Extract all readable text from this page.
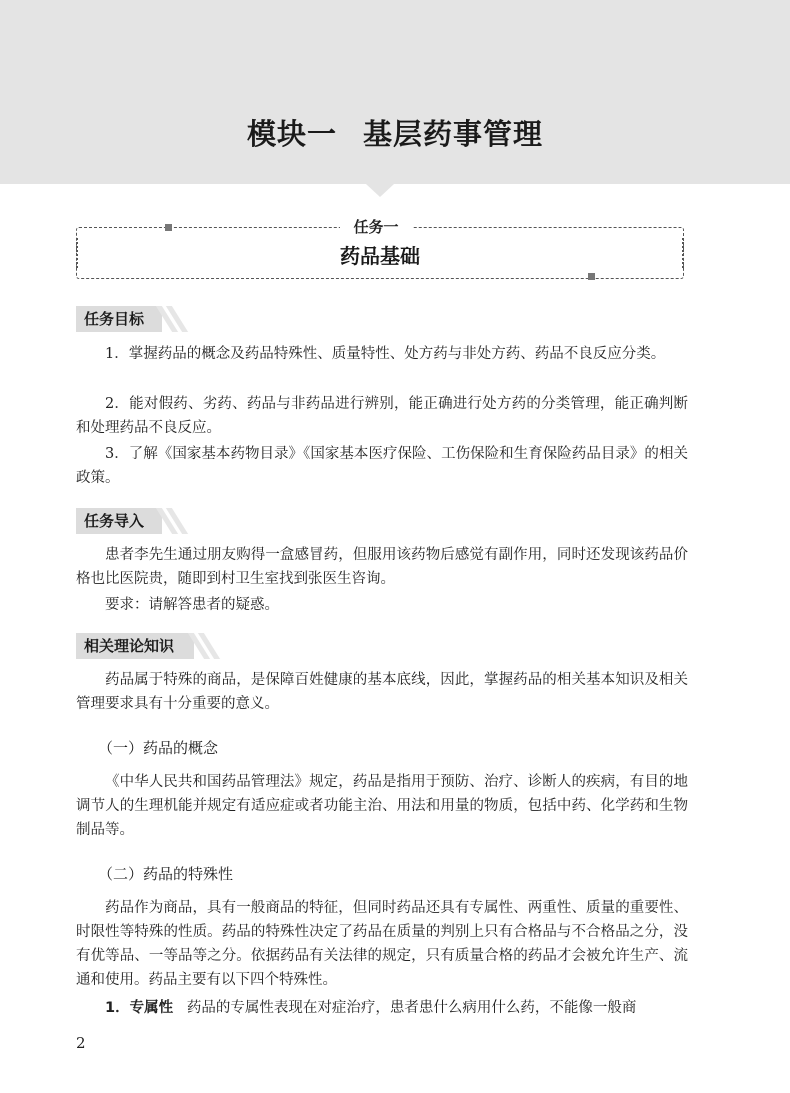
模块一 基层药事管理
任务一
药品基础
任务目标

1．掌握药品的概念及药品特殊性、质量特性、处方药与非处方药、药品不良反应分类。

2．能对假药、劣药、药品与非药品进行辨别，能正确进行处方药的分类管理，能正确判断和处理药品不良反应。

3．了解《国家基本药物目录》《国家基本医疗保险、工伤保险和生育保险药品目录》的相关政策。

任务导入

患者李先生通过朋友购得一盒感冒药，但服用该药物后感觉有副作用，同时还发现该药品价格也比医院贵，随即到村卫生室找到张医生咨询。

要求：请解答患者的疑惑。

相关理论知识

药品属于特殊的商品，是保障百姓健康的基本底线，因此，掌握药品的相关基本知识及相关管理要求具有十分重要的意义。

（一）药品的概念

《中华人民共和国药品管理法》规定，药品是指用于预防、治疗、诊断人的疾病，有目的地调节人的生理机能并规定有适应症或者功能主治、用法和用量的物质，包括中药、化学药和生物制品等。

（二）药品的特殊性

药品作为商品，具有一般商品的特征，但同时药品还具有专属性、两重性、质量的重要性、时限性等特殊的性质。药品的特殊性决定了药品在质量的判别上只有合格品与不合格品之分，没有优等品、一等品等之分。依据药品有关法律的规定，只有质量合格的药品才会被允许生产、流通和使用。药品主要有以下四个特殊性。

1．专属性 药品的专属性表现在对症治疗，患者患什么病用什么药，不能像一般商

2
